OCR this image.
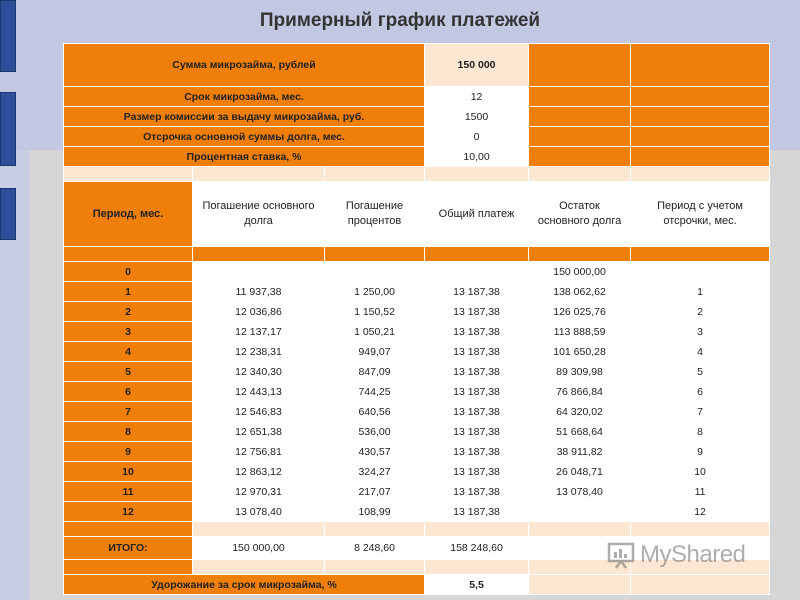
Примерный график платежей
Сумма микрозайма, рублей			150 000		
Срок микрозайма, мес.			12		
Размер комиссии за выдачу микрозайма, руб.			1500		
Отсрочка основной суммы долга, мес.			0		
Процентная ставка, %			10,00		

Период, мес.	Погашение основного долга	Погашение процентов	Общий платеж	Остаток основного долга	Период с учетом отсрочки, мес.

0				150 000,00	
1	11 937,38	1 250,00	13 187,38	138 062,62	1
2	12 036,86	1 150,52	13 187,38	126 025,76	2
3	12 137,17	1 050,21	13 187,38	113 888,59	3
4	12 238,31	949,07	13 187,38	101 650,28	4
5	12 340,30	847,09	13 187,38	89 309,98	5
6	12 443,13	744,25	13 187,38	76 866,84	6
7	12 546,83	640,56	13 187,38	64 320,02	7
8	12 651,38	536,00	13 187,38	51 668,64	8
9	12 756,81	430,57	13 187,38	38 911,82	9
10	12 863,12	324,27	13 187,38	26 048,71	10
11	12 970,31	217,07	13 187,38	13 078,40	11
12	13 078,40	108,99	13 187,38		12

ИТОГО:	150 000,00	8 248,60	158 248,60		

Удорожание за срок микрозайма, %			5,5		
MyShared
